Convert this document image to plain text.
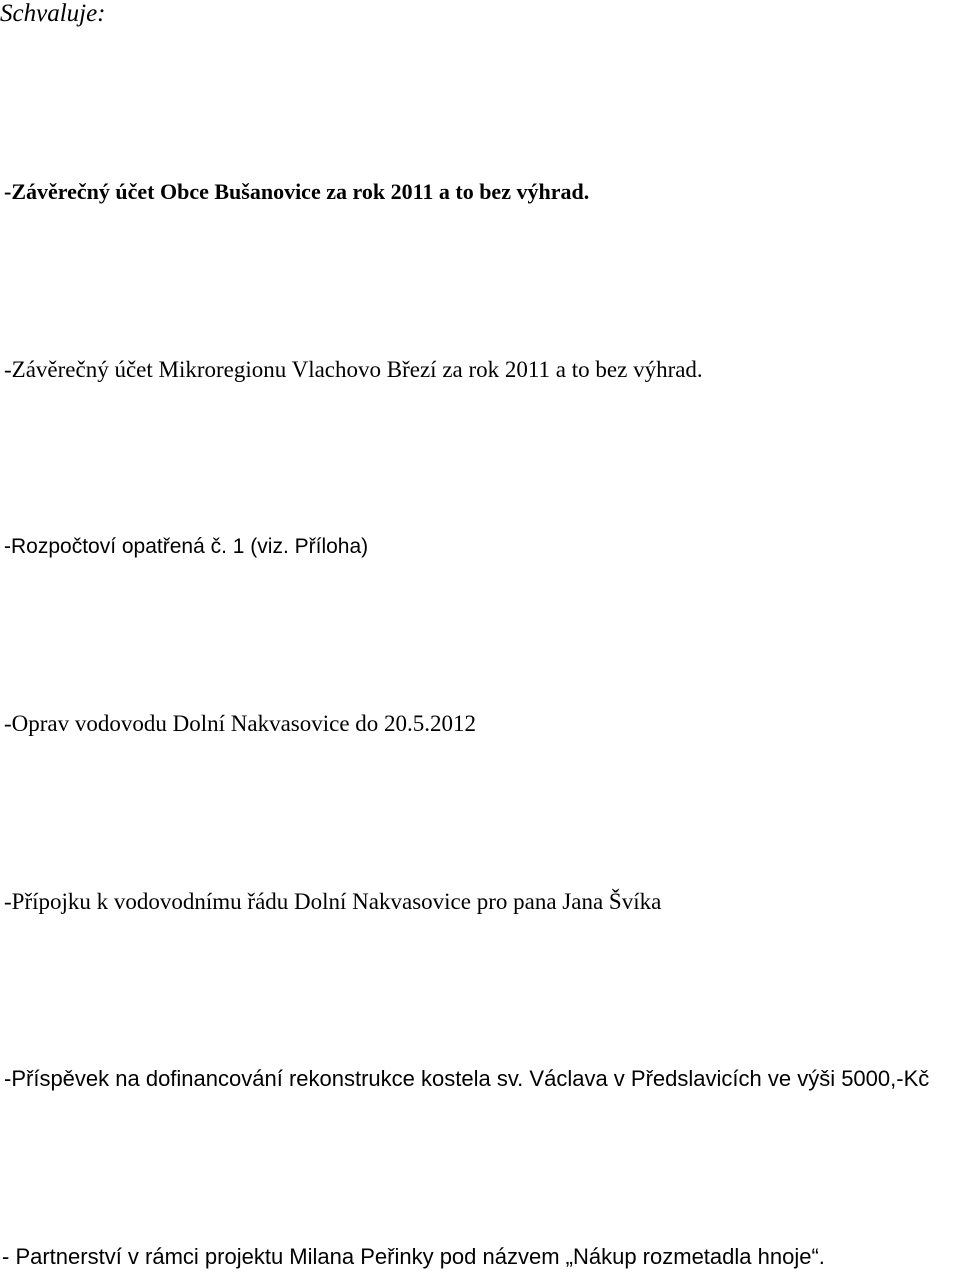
Schvaluje:
-Závěrečný účet Obce Bušanovice za rok 2011 a to bez výhrad.
-Závěrečný účet Mikroregionu Vlachovo Březí za rok 2011 a to bez výhrad.
-Rozpočtoví opatřená č. 1 (viz. Příloha)
-Oprav vodovodu Dolní Nakvasovice do 20.5.2012
-Přípojku k vodovodnímu řádu Dolní Nakvasovice pro pana Jana Švíka
-Příspěvek na dofinancování rekonstrukce kostela sv. Václava v Předslavicích ve výši 5000,-Kč
- Partnerství v rámci projektu Milana Peřinky pod názvem „Nákup rozmetadla hnoje“.
